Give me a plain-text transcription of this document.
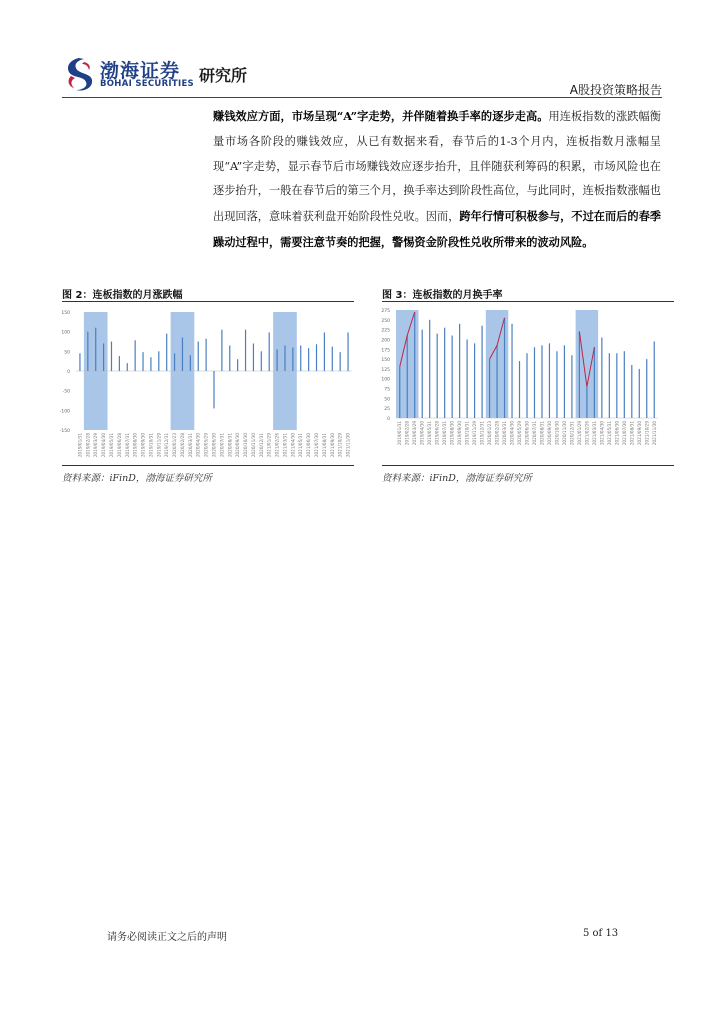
渤海证券
BOHAI SECURITIES 研究所
A股投资策略报告
赚钱效应方面，市场呈现“A”字走势，并伴随着换手率的逐步走高。用连板指数的涨跌幅衡量市场各阶段的赚钱效应，从已有数据来看，春节后的1-3个月内，连板指数月涨幅呈现“A”字走势，显示春节后市场赚钱效应逐步抬升，且伴随获利筹码的积累，市场风险也在逐步抬升，一般在春节后的第三个月，换手率达到阶段性高位，与此同时，连板指数涨幅也出现回落，意味着获利盘开始阶段性兑收。因而，跨年行情可积极参与，不过在而后的春季躁动过程中，需要注意节奏的把握，警惕资金阶段性兑收所带来的波动风险。
图 2：连板指数的月涨跌幅
150
100
50
0
-50
-100
-150
2019/01/31 2019/02/28 2019/03/29 2019/04/30 2019/05/31 2019/06/28 2019/07/31 2019/08/30 2019/09/30 2019/10/31 2019/11/29 2019/12/31 2020/01/23 2020/02/28 2020/03/31 2020/04/30 2020/05/29 2020/06/30 2020/07/31 2020/08/31 2020/09/30 2020/10/30 2020/11/30 2020/12/31 2021/01/29 2021/02/26 2021/03/31 2021/04/30 2021/05/31 2021/06/30 2021/07/30 2021/08/31 2021/09/30 2021/10/29 2021/11/30
资料来源：iFinD，渤海证券研究所
图 3：连板指数的月换手率
275
250
225
200
175
150
125
100
75
50
25
0
2019/01/31 2019/02/28 2019/03/29 2019/04/30 2019/05/31 2019/06/28 2019/07/31 2019/08/30 2019/09/30 2019/10/31 2019/11/29 2019/12/31 2020/01/23 2020/02/28 2020/03/31 2020/04/30 2020/05/29 2020/06/30 2020/07/31 2020/08/31 2020/09/30 2020/10/30 2020/11/30 2020/12/31 2021/01/29 2021/02/26 2021/03/31 2021/04/30 2021/05/31 2021/06/30 2021/07/30 2021/08/31 2021/09/30 2021/10/29 2021/11/30
资料来源：iFinD，渤海证券研究所
请务必阅读正文之后的声明	5 of 13
